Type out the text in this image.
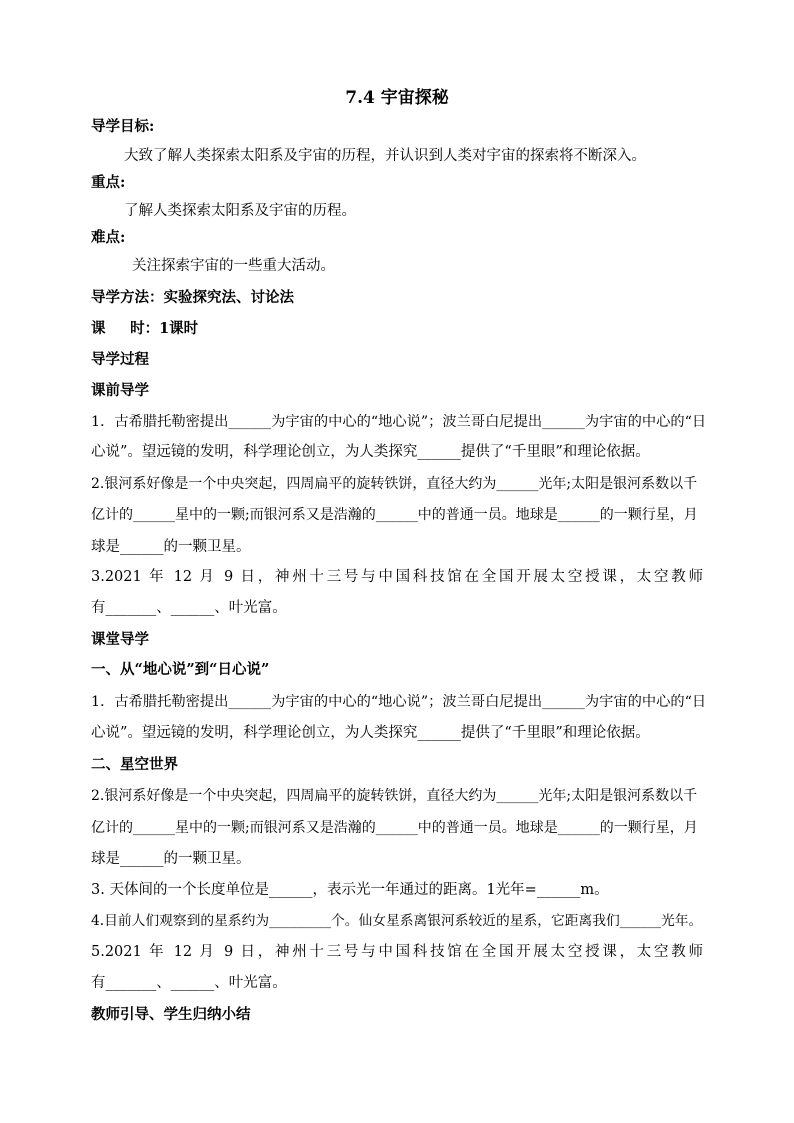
7.4 宇宙探秘
导学目标:
大致了解人类探索太阳系及宇宙的历程，并认识到人类对宇宙的探索将不断深入。
重点:
了解人类探索太阳系及宇宙的历程。
难点:
关注探索宇宙的一些重大活动。
导学方法：实验探究法、讨论法
课 　 时：1课时
导学过程
课前导学
1．古希腊托勒密提出______为宇宙的中心的“地心说”；波兰哥白尼提出______为宇宙的中心的“日
心说”。望远镜的发明，科学理论创立，为人类探究______提供了“千里眼”和理论依据。
2.银河系好像是一个中央突起，四周扁平的旋转铁饼，直径大约为______光年;太阳是银河系数以千
亿计的______星中的一颗;而银河系又是浩瀚的______中的普通一员。地球是______的一颗行星，月
球是______的一颗卫星。
3.2021 年 12 月 9 日，神州十三号与中国科技馆在全国开展太空授课，太空教师
有_______、______、叶光富。
课堂导学
一、从“地心说”到“日心说”
1．古希腊托勒密提出______为宇宙的中心的“地心说”；波兰哥白尼提出______为宇宙的中心的“日
心说”。望远镜的发明，科学理论创立，为人类探究______提供了“千里眼”和理论依据。
二、星空世界
2.银河系好像是一个中央突起，四周扁平的旋转铁饼，直径大约为______光年;太阳是银河系数以千
亿计的______星中的一颗;而银河系又是浩瀚的______中的普通一员。地球是______的一颗行星，月
球是______的一颗卫星。
3. 天体间的一个长度单位是______，表示光一年通过的距离。1光年=______m。
4.目前人们观察到的星系约为_________个。仙女星系离银河系较近的星系，它距离我们______光年。
5.2021 年 12 月 9 日，神州十三号与中国科技馆在全国开展太空授课，太空教师
有_______、______、叶光富。
教师引导、学生归纳小结
